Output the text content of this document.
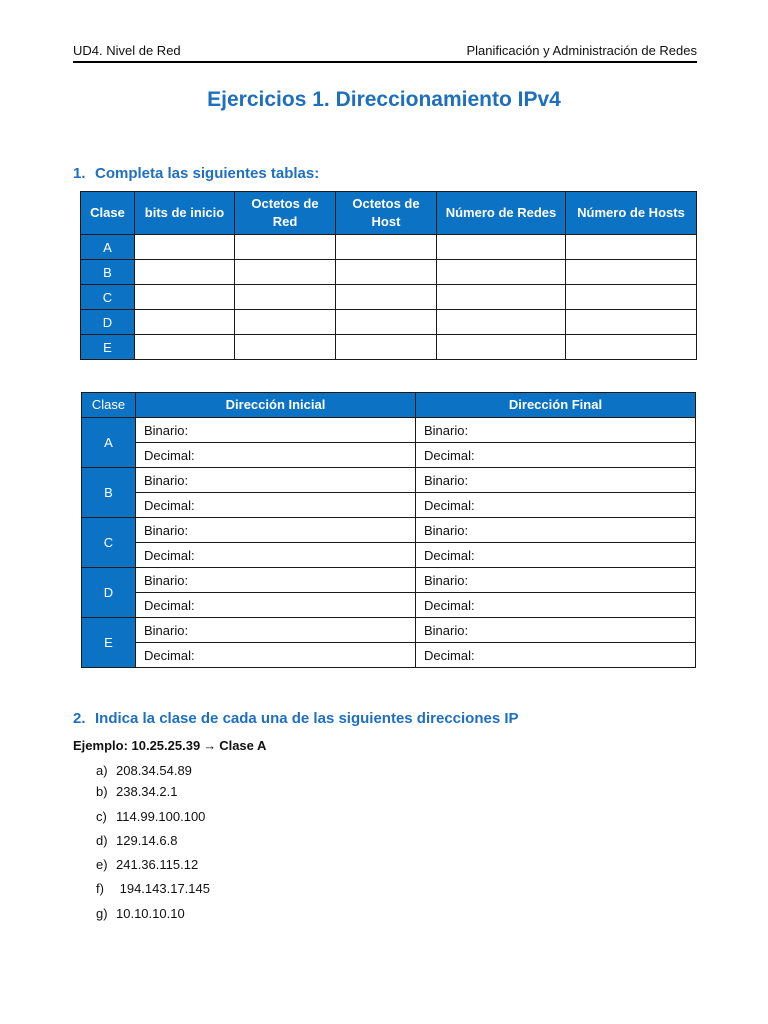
UD4. Nivel de Red	Planificación y Administración de Redes
Ejercicios 1. Direccionamiento IPv4
1. Completa las siguientes tablas:
Clase	bits de inicio	Octetos de Red	Octetos de Host	Número de Redes	Número de Hosts
A					
B					
C					
D					
E					
Clase	Dirección Inicial	Dirección Final
A	Binario:	Binario:
	Decimal:	Decimal:
B	Binario:	Binario:
	Decimal:	Decimal:
C	Binario:	Binario:
	Decimal:	Decimal:
D	Binario:	Binario:
	Decimal:	Decimal:
E	Binario:	Binario:
	Decimal:	Decimal:
2. Indica la clase de cada una de las siguientes direcciones IP
Ejemplo: 10.25.25.39 → Clase A
a) 208.34.54.89
b) 238.34.2.1
c) 114.99.100.100
d) 129.14.6.8
e) 241.36.115.12
f) 194.143.17.145
g) 10.10.10.10
